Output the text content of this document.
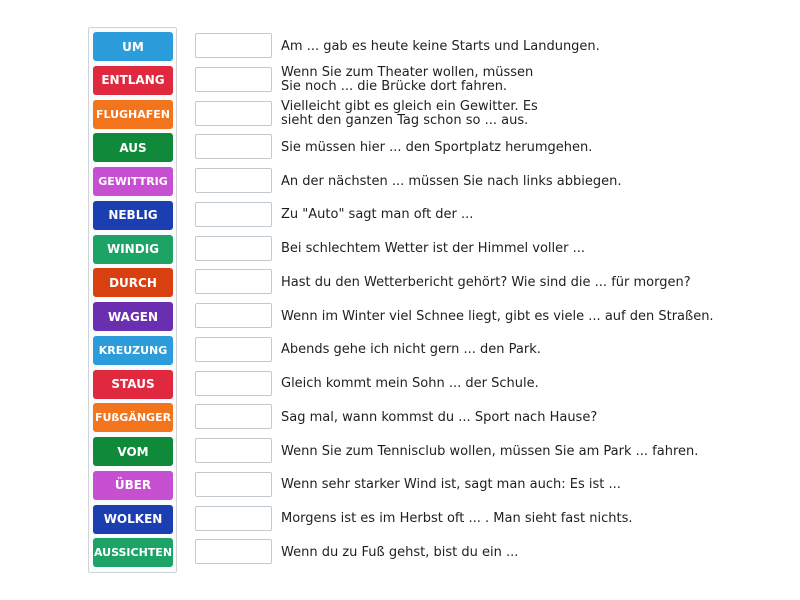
UM
ENTLANG
FLUGHAFEN
AUS
GEWITTRIG
NEBLIG
WINDIG
DURCH
WAGEN
KREUZUNG
STAUS
FUßGÄNGER
VOM
ÜBER
WOLKEN
AUSSICHTEN
Am ... gab es heute keine Starts und Landungen.
Wenn Sie zum Theater wollen, müssen
Sie noch ... die Brücke dort fahren.
Vielleicht gibt es gleich ein Gewitter. Es
sieht den ganzen Tag schon so ... aus.
Sie müssen hier ... den Sportplatz herumgehen.
An der nächsten ... müssen Sie nach links abbiegen.
Zu "Auto" sagt man oft der ...
Bei schlechtem Wetter ist der Himmel voller ...
Hast du den Wetterbericht gehört? Wie sind die ... für morgen?
Wenn im Winter viel Schnee liegt, gibt es viele ... auf den Straßen.
Abends gehe ich nicht gern ... den Park.
Gleich kommt mein Sohn ... der Schule.
Sag mal, wann kommst du ... Sport nach Hause?
Wenn Sie zum Tennisclub wollen, müssen Sie am Park ... fahren.
Wenn sehr starker Wind ist, sagt man auch: Es ist ...
Morgens ist es im Herbst oft ... . Man sieht fast nichts.
Wenn du zu Fuß gehst, bist du ein ...
